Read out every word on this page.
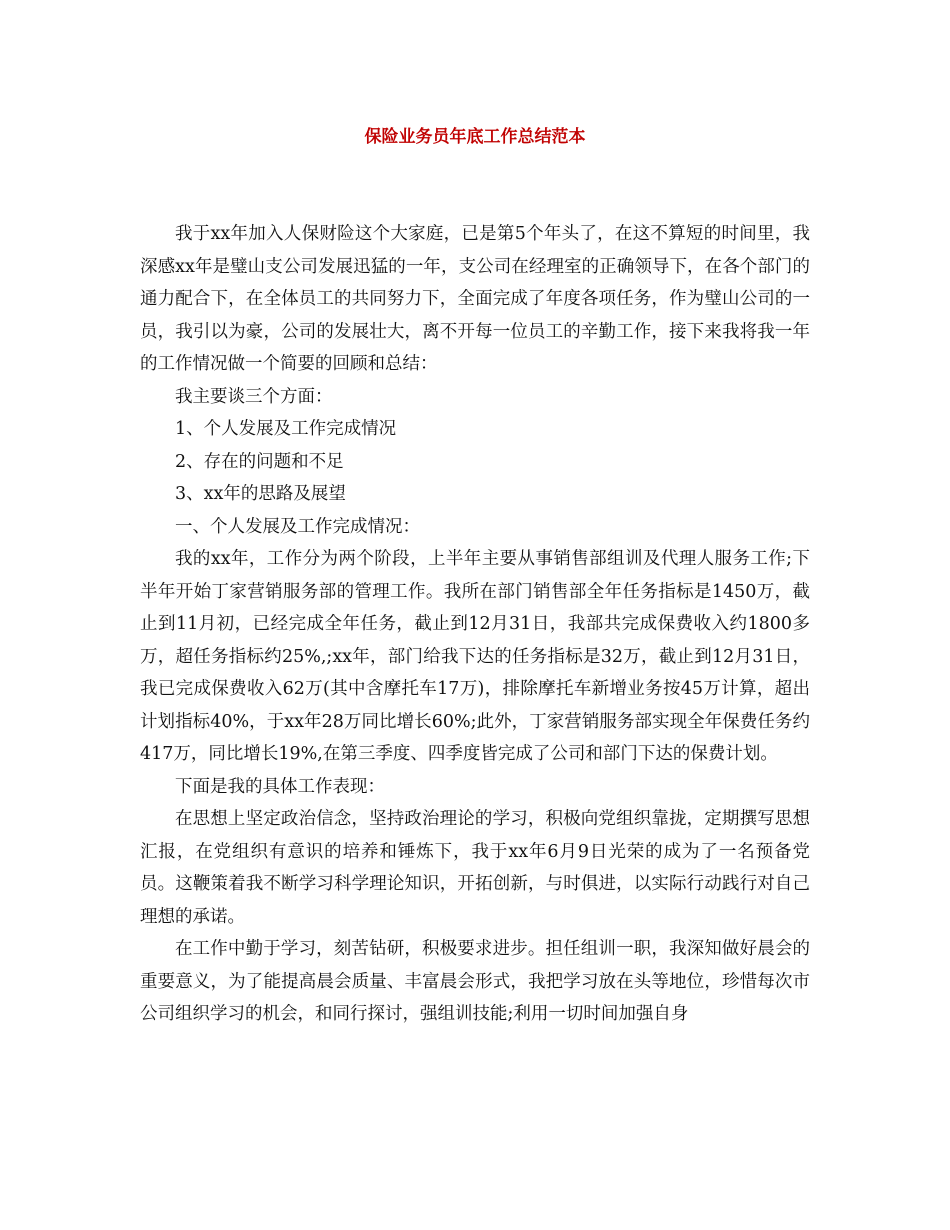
保险业务员年底工作总结范本

我于xx年加入人保财险这个大家庭，已是第5个年头了，在这不算短的时间里，我深感xx年是璧山支公司发展迅猛的一年，支公司在经理室的正确领导下，在各个部门的通力配合下，在全体员工的共同努力下，全面完成了年度各项任务，作为璧山公司的一员，我引以为豪，公司的发展壮大，离不开每一位员工的辛勤工作，接下来我将我一年的工作情况做一个简要的回顾和总结：

我主要谈三个方面：

1、个人发展及工作完成情况

2、存在的问题和不足

3、xx年的思路及展望

一、个人发展及工作完成情况：

我的xx年，工作分为两个阶段，上半年主要从事销售部组训及代理人服务工作;下半年开始丁家营销服务部的管理工作。我所在部门销售部全年任务指标是1450万，截止到11月初，已经完成全年任务，截止到12月31日，我部共完成保费收入约1800多万，超任务指标约25%,;xx年，部门给我下达的任务指标是32万，截止到12月31日，我已完成保费收入62万(其中含摩托车17万)，排除摩托车新增业务按45万计算，超出计划指标40%，于xx年28万同比增长60%;此外，丁家营销服务部实现全年保费任务约417万，同比增长19%,在第三季度、四季度皆完成了公司和部门下达的保费计划。

下面是我的具体工作表现：

在思想上坚定政治信念，坚持政治理论的学习，积极向党组织靠拢，定期撰写思想汇报，在党组织有意识的培养和锤炼下，我于xx年6月9日光荣的成为了一名预备党员。这鞭策着我不断学习科学理论知识，开拓创新，与时俱进，以实际行动践行对自己理想的承诺。

在工作中勤于学习，刻苦钻研，积极要求进步。担任组训一职，我深知做好晨会的重要意义，为了能提高晨会质量、丰富晨会形式，我把学习放在头等地位，珍惜每次市公司组织学习的机会，和同行探讨，强组训技能;利用一切时间加强自身
